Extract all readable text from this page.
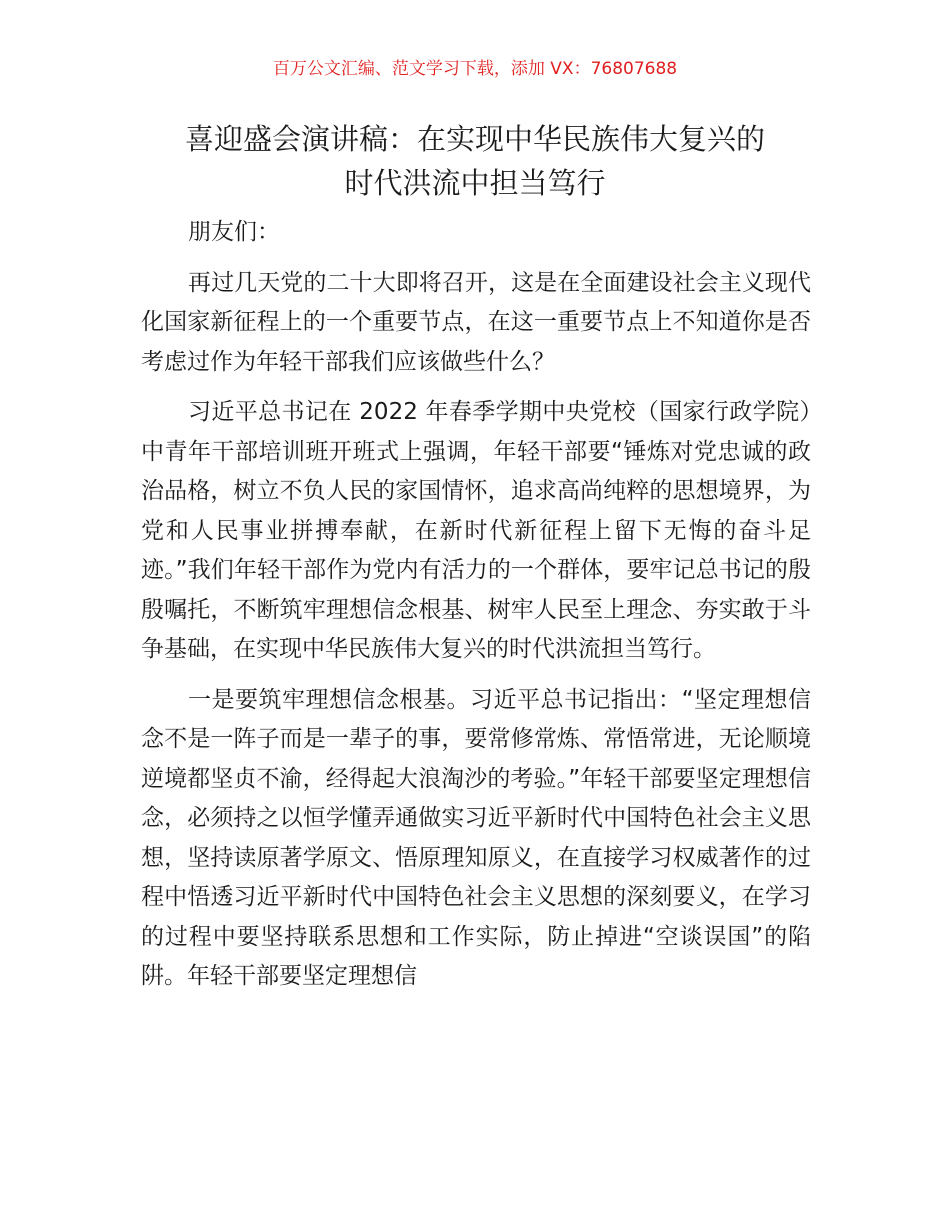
百万公文汇编、范文学习下载，添加 VX：76807688
喜迎盛会演讲稿：在实现中华民族伟大复兴的
时代洪流中担当笃行

朋友们：

再过几天党的二十大即将召开，这是在全面建设社会主义现代化国家新征程上的一个重要节点，在这一重要节点上不知道你是否考虑过作为年轻干部我们应该做些什么？

习近平总书记在 2022 年春季学期中央党校（国家行政学院）中青年干部培训班开班式上强调，年轻干部要“锤炼对党忠诚的政治品格，树立不负人民的家国情怀，追求高尚纯粹的思想境界，为党和人民事业拼搏奉献，在新时代新征程上留下无悔的奋斗足迹。”我们年轻干部作为党内有活力的一个群体，要牢记总书记的殷殷嘱托，不断筑牢理想信念根基、树牢人民至上理念、夯实敢于斗争基础，在实现中华民族伟大复兴的时代洪流担当笃行。

一是要筑牢理想信念根基。习近平总书记指出：“坚定理想信念不是一阵子而是一辈子的事，要常修常炼、常悟常进，无论顺境逆境都坚贞不渝，经得起大浪淘沙的考验。”年轻干部要坚定理想信念，必须持之以恒学懂弄通做实习近平新时代中国特色社会主义思想，坚持读原著学原文、悟原理知原义，在直接学习权威著作的过程中悟透习近平新时代中国特色社会主义思想的深刻要义，在学习的过程中要坚持联系思想和工作实际，防止掉进“空谈误国”的陷阱。年轻干部要坚定理想信
